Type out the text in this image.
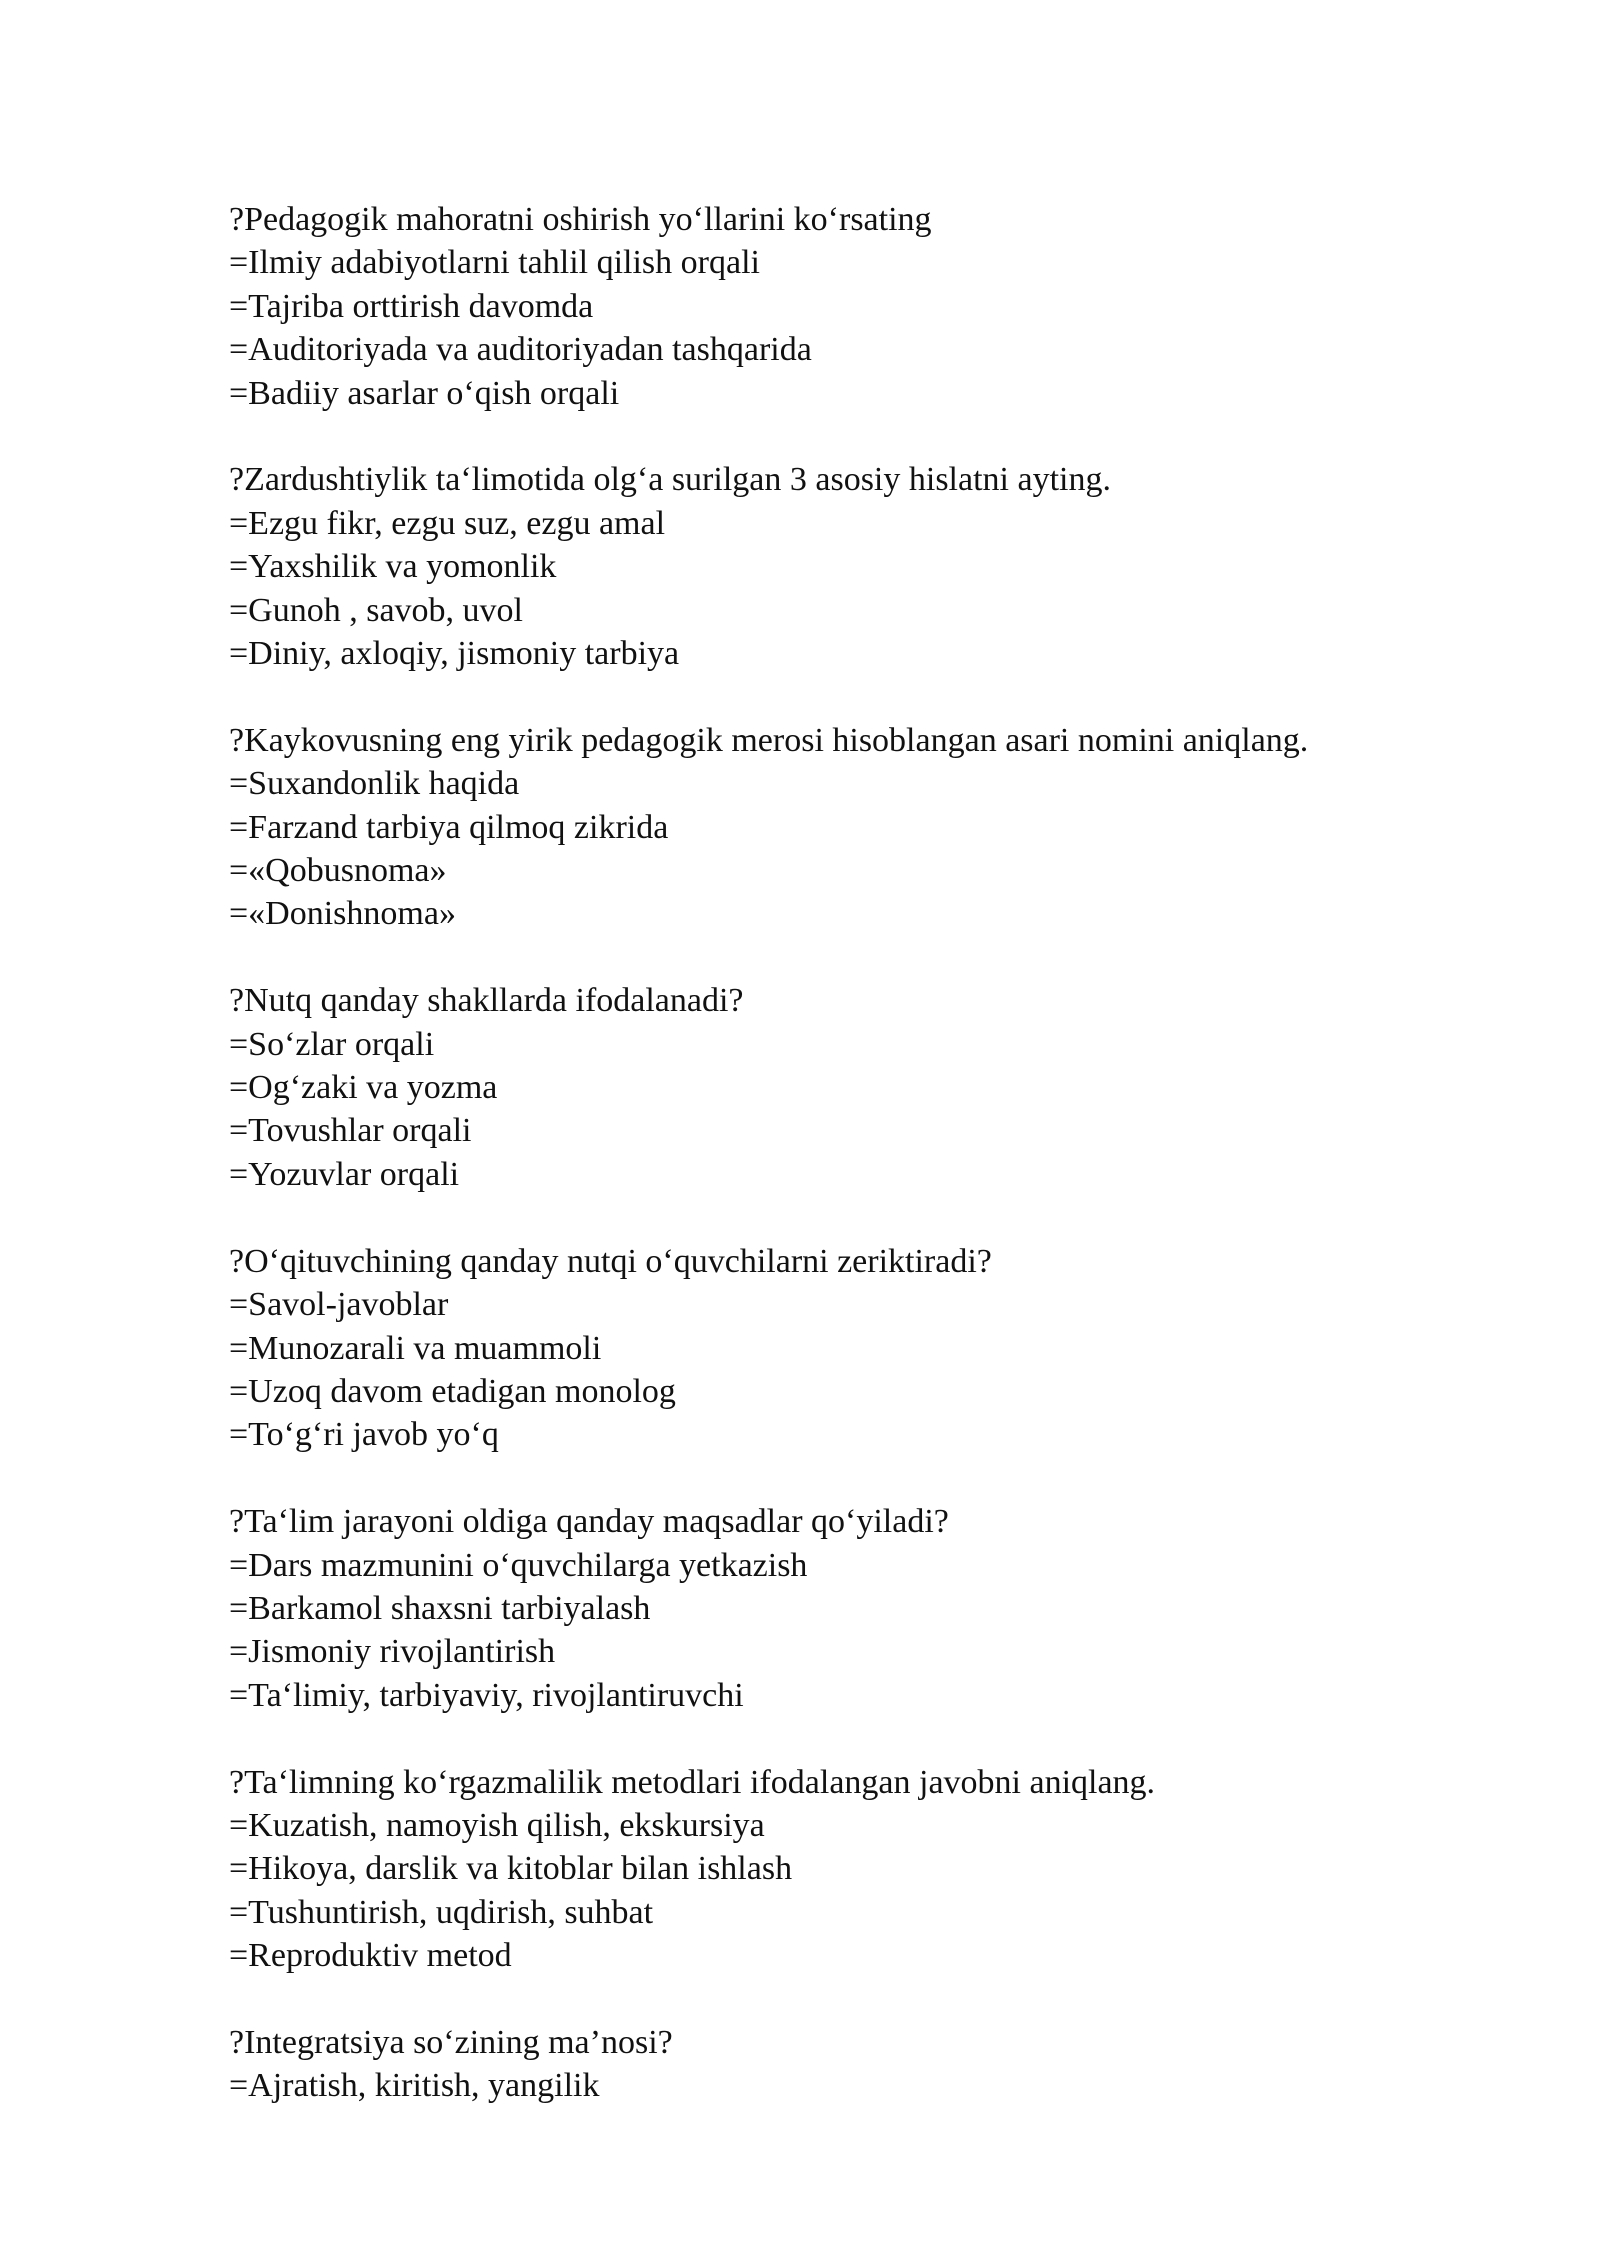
?Pedagogik mahoratni oshirish yo‘llarini ko‘rsating
=Ilmiy adabiyotlarni tahlil qilish orqali
=Tajriba orttirish davomda
=Auditoriyada va auditoriyadan tashqarida
=Badiiy asarlar o‘qish orqali
?Zardushtiylik ta‘limotida olg‘a surilgan 3 asosiy hislatni ayting.
=Ezgu fikr, ezgu suz, ezgu amal
=Yaxshilik va yomonlik
=Gunoh , savob, uvol
=Diniy, axloqiy, jismoniy tarbiya
?Kaykovusning eng yirik pedagogik merosi hisoblangan asari nomini aniqlang.
=Suxandonlik haqida
=Farzand tarbiya qilmoq zikrida
=«Qobusnoma»
=«Donishnoma»
?Nutq qanday shakllarda ifodalanadi?
=So‘zlar orqali
=Og‘zaki va yozma
=Tovushlar orqali
=Yozuvlar orqali
?O‘qituvchining qanday nutqi o‘quvchilarni zeriktiradi?
=Savol-javoblar
=Munozarali va muammoli
=Uzoq davom etadigan monolog
=To‘g‘ri javob yo‘q
?Ta‘lim jarayoni oldiga qanday maqsadlar qo‘yiladi?
=Dars mazmunini o‘quvchilarga yetkazish
=Barkamol shaxsni tarbiyalash
=Jismoniy rivojlantirish
=Ta‘limiy, tarbiyaviy, rivojlantiruvchi
?Ta‘limning ko‘rgazmalilik metodlari ifodalangan javobni aniqlang.
=Kuzatish, namoyish qilish, ekskursiya
=Hikoya, darslik va kitoblar bilan ishlash
=Tushuntirish, uqdirish, suhbat
=Reproduktiv metod
?Integratsiya so‘zining ma’nosi?
=Ajratish, kiritish, yangilik
